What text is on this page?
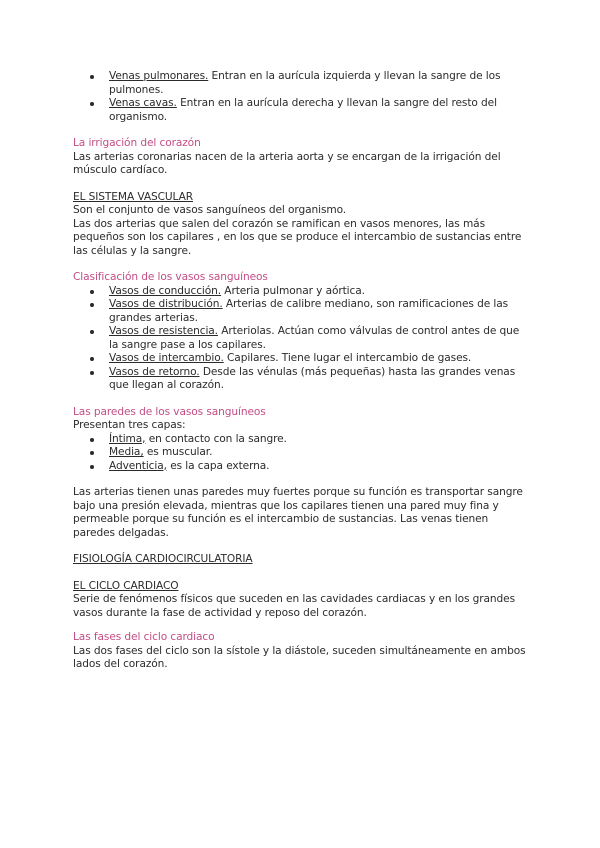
Venas pulmonares. Entran en la aurícula izquierda y llevan la sangre de los pulmones.
Venas cavas. Entran en la aurícula derecha y llevan la sangre del resto del organismo.

La irrigación del corazón

Las arterias coronarias nacen de la arteria aorta y se encargan de la irrigación del músculo cardíaco.

EL SISTEMA VASCULAR

Son el conjunto de vasos sanguíneos del organismo.

Las dos arterias que salen del corazón se ramifican en vasos menores, las más pequeños son los capilares , en los que se produce el intercambio de sustancias entre las células y la sangre.

Clasificación de los vasos sanguíneos

Vasos de conducción. Arteria pulmonar y aórtica.
Vasos de distribución. Arterias de calibre mediano, son ramificaciones de las grandes arterias.
Vasos de resistencia. Arteriolas. Actúan como válvulas de control antes de que la sangre pase a los capilares.
Vasos de intercambio. Capilares. Tiene lugar el intercambio de gases.
Vasos de retorno. Desde las vénulas (más pequeñas) hasta las grandes venas que llegan al corazón.

Las paredes de los vasos sanguíneos

Presentan tres capas:

Íntima, en contacto con la sangre.
Media, es muscular.
Adventicia, es la capa externa.

Las arterias tienen unas paredes muy fuertes porque su función es transportar sangre bajo una presión elevada, mientras que los capilares tienen una pared muy fina y permeable porque su función es el intercambio de sustancias. Las venas tienen paredes delgadas.

FISIOLOGÍA CARDIOCIRCULATORIA

EL CICLO CARDIACO

Serie de fenómenos físicos que suceden en las cavidades cardiacas y en los grandes vasos durante la fase de actividad y reposo del corazón.

Las fases del ciclo cardiaco

Las dos fases del ciclo son la sístole y la diástole, suceden simultáneamente en ambos lados del corazón.
